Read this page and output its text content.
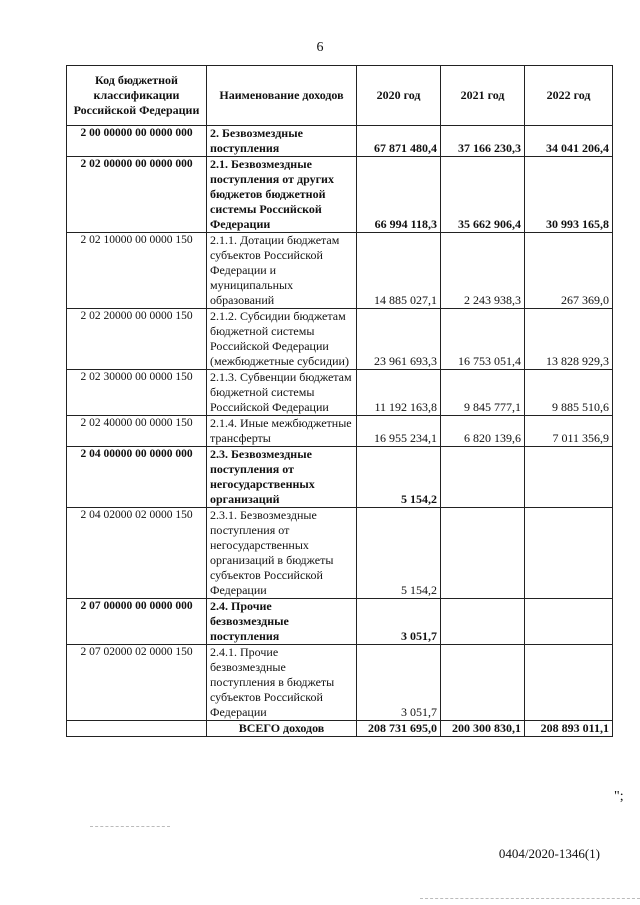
6
Код бюджетной классификации Российской Федерации	Наименование доходов	2020 год	2021 год	2022 год
2 00 00000 00 0000 000	2. Безвозмездные поступления	67 871 480,4	37 166 230,3	34 041 206,4
2 02 00000 00 0000 000	2.1. Безвозмездные поступления от других бюджетов бюджетной системы Российской Федерации	66 994 118,3	35 662 906,4	30 993 165,8
2 02 10000 00 0000 150	2.1.1. Дотации бюджетам субъектов Российской Федерации и муниципальных образований	14 885 027,1	2 243 938,3	267 369,0
2 02 20000 00 0000 150	2.1.2. Субсидии бюджетам бюджетной системы Российской Федерации (межбюджетные субсидии)	23 961 693,3	16 753 051,4	13 828 929,3
2 02 30000 00 0000 150	2.1.3. Субвенции бюджетам бюджетной системы Российской Федерации	11 192 163,8	9 845 777,1	9 885 510,6
2 02 40000 00 0000 150	2.1.4. Иные межбюджетные трансферты	16 955 234,1	6 820 139,6	7 011 356,9
2 04 00000 00 0000 000	2.3. Безвозмездные поступления от негосударственных организаций	5 154,2		
2 04 02000 02 0000 150	2.3.1. Безвозмездные поступления от негосударственных организаций в бюджеты субъектов Российской Федерации	5 154,2		
2 07 00000 00 0000 000	2.4. Прочие безвозмездные поступления	3 051,7		
2 07 02000 02 0000 150	2.4.1. Прочие безвозмездные поступления в бюджеты субъектов Российской Федерации	3 051,7		
	ВСЕГО доходов	208 731 695,0	200 300 830,1	208 893 011,1
";
0404/2020-1346(1)
